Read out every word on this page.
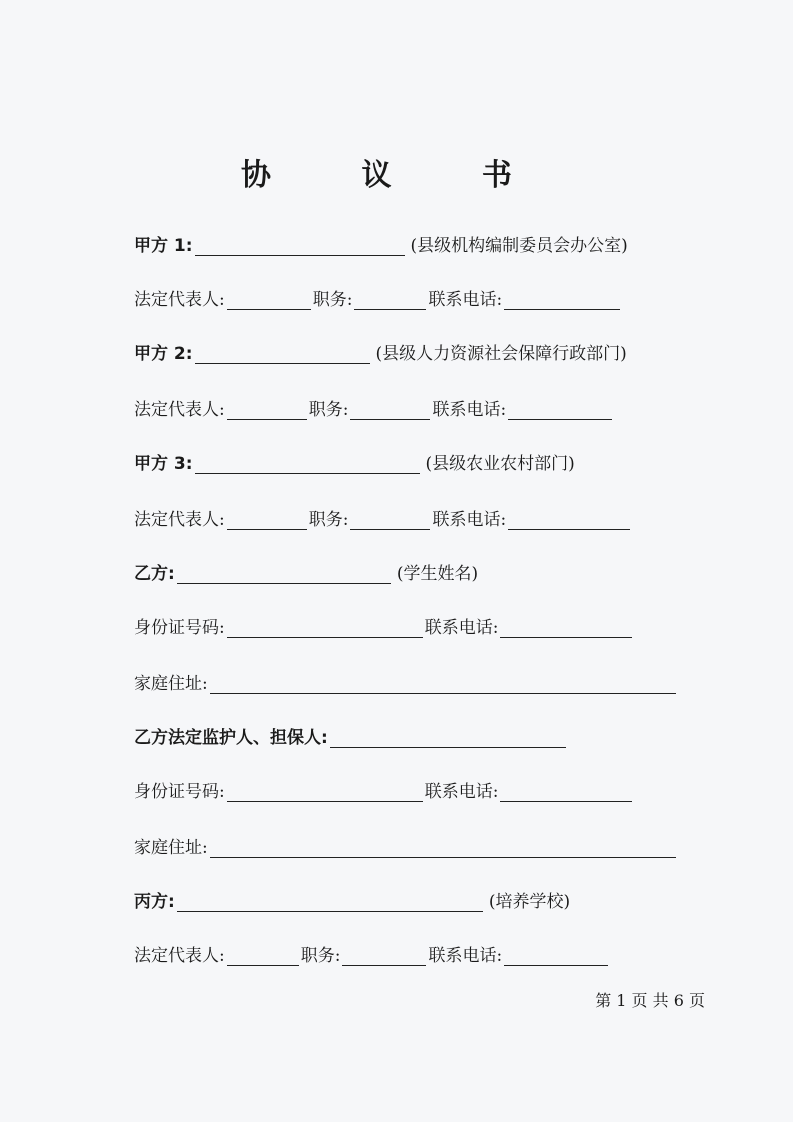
协 议 书
甲方 1:	(县级机构编制委员会办公室)
法定代表人:	职务:	联系电话:
甲方 2:	(县级人力资源社会保障行政部门)
法定代表人:	职务:	联系电话:
甲方 3:	(县级农业农村部门)
法定代表人:	职务:	联系电话:
乙方:	(学生姓名)
身份证号码:	联系电话:
家庭住址:
乙方法定监护人、担保人:
身份证号码:	联系电话:
家庭住址:
丙方:	(培养学校)
法定代表人:	职务:	联系电话:
第 1 页 共 6 页
